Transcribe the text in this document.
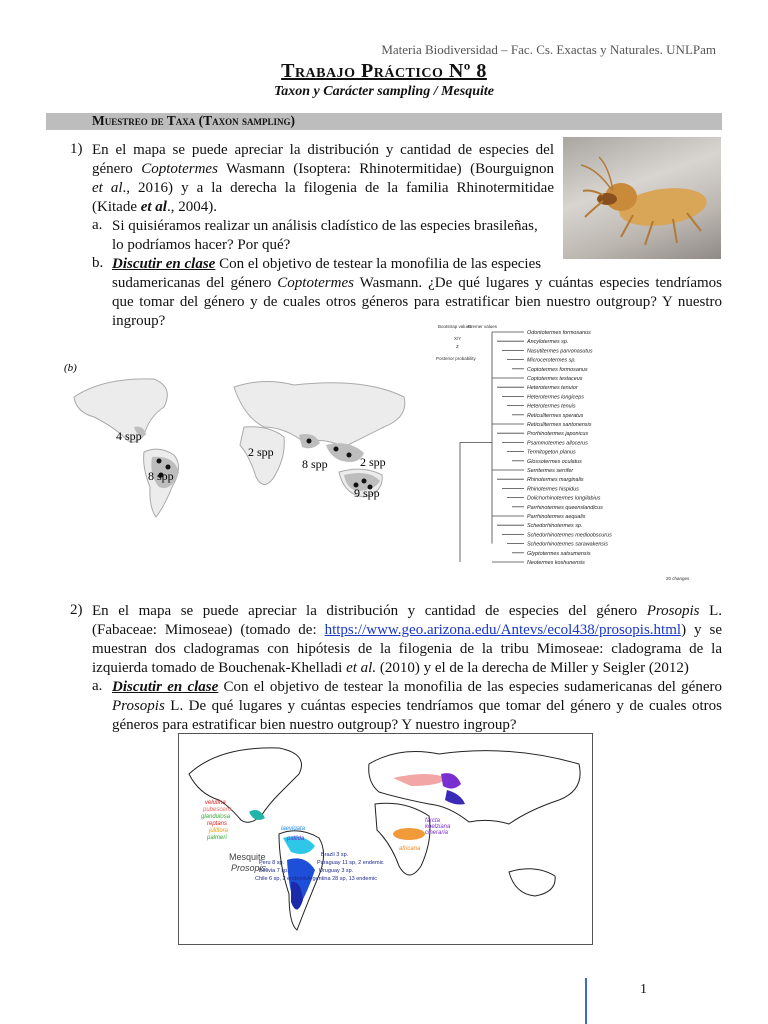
Materia Biodiversidad – Fac. Cs. Exactas y Naturales. UNLPam
Trabajo Práctico Nº 8
Taxon y Carácter sampling / Mesquite
Muestreo de Taxa (Taxon sampling)
1) En el mapa se puede apreciar la distribución y cantidad de especies del
género Coptotermes Wasmann (Isoptera: Rhinotermitidae) (Bourguignon
et al., 2016) y a la derecha la filogenia de la familia Rhinotermitidae
(Kitade et al., 2004).
a. Si quisiéramos realizar un análisis cladístico de las especies brasileñas,
lo podríamos hacer? Por qué?
b. Discutir en clase Con el objetivo de testear la monofilia de las especies
sudamericanas del género Coptotermes Wasmann. ¿De qué lugares y cuántas especies tendríamos
que tomar del género y de cuales otros géneros para estratificar bien nuestro outgroup? Y nuestro
ingroup?
(b)
4 spp
8 spp
2 spp
8 spp	2 spp
9 spp
Bootstrap values
Bremer values
X/Y
Z
Posterior probability
20 changes
Odontotermes formosanus
Ancylotermes sp.
Nasutitermes parvonasutus
Microcerotermes sp.
Coptotermes formosanus
Coptotermes testaceus
Heterotermes tenuior
Heterotermes longiceps
Heterotermes tenuis
Reticulitermes speratus
Reticulitermes santonensis
Prorhinotermes japonicus
Psammotermes allocerus
Termitogeton planus
Glossotermes oculatus
Serritermes serrifer
Rhinotermes marginalis
Rhinotermes hispidus
Dolichorhinotermes longilabius
Parrhinotermes queenslandicus
Parrhinotermes aequalis
Schedorhinotermes sp.
Schedorhinotermes medioobscurus
Schedorhinotermes sarawakensis
Glyptotermes satsumensis
Neotermes koshunensis
2) En el mapa se puede apreciar la distribución y cantidad de especies del género Prosopis L.
(Fabaceae: Mimoseae) (tomado de: https://www.geo.arizona.edu/Antevs/ecol438/prosopis.html) y se
muestran dos cladogramas con hipótesis de la filogenia de la tribu Mimoseae: cladograma de la
izquierda tomado de Bouchenak-Khelladi et al. (2010) y el de la derecha de Miller y Seigler (2012)
a. Discutir en clase Con el objetivo de testear la monofilia de las especies sudamericanas del género
Prosopis L. De qué lugares y cuántas especies tendríamos que tomar del género y de cuales otros
géneros para estratificar bien nuestro outgroup? Y nuestro ingroup?
velutina
pubescens
glandulosa
reptans
juliflora
palmeri
laevigata
pallida
farcta
koelziana
cineraria
africana
Mesquite
Prosopis
Peru 8 sp.
Bolivia 7 sp.
Chile 6 sp, 2 endemic
Brazil 3 sp.
Paraguay 11 sp, 2 endemic
Uruguay 3 sp.
Argentina 28 sp, 13 endemic
1
